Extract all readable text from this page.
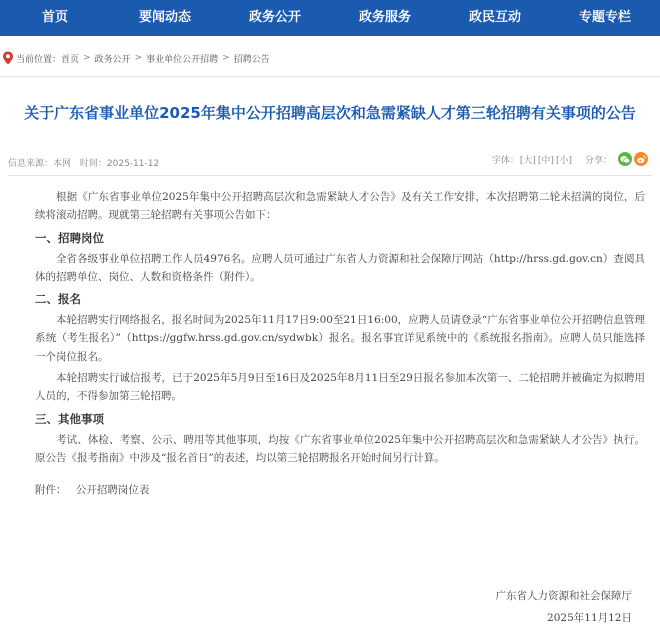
首页	要闻动态	政务公开	政务服务	政民互动	专题专栏
当前位置： 首页 > 政务公开 > 事业单位公开招聘 > 招聘公告
关于广东省事业单位2025年集中公开招聘高层次和急需紧缺人才第三轮招聘有关事项的公告
信息来源：本网 时间：2025-11-12	字体： [大] [中] [小] 分享：

根据《广东省事业单位2025年集中公开招聘高层次和急需紧缺人才公告》及有关工作安排，本次招聘第二轮未招满的岗位，后续将滚动招聘。现就第三轮招聘有关事项公告如下：

一、招聘岗位

全省各级事业单位招聘工作人员4976名。应聘人员可通过广东省人力资源和社会保障厅网站（http://hrss.gd.gov.cn）查阅具体的招聘单位、岗位、人数和资格条件（附件）。

二、报名

本轮招聘实行网络报名，报名时间为2025年11月17日9:00至21日16:00，应聘人员请登录“广东省事业单位公开招聘信息管理系统（考生报名）”（https://ggfw.hrss.gd.gov.cn/sydwbk）报名。报名事宜详见系统中的《系统报名指南》。应聘人员只能选择一个岗位报名。

本轮招聘实行诚信报考，已于2025年5月9日至16日及2025年8月11日至29日报名参加本次第一、二轮招聘并被确定为拟聘用人员的，不得参加第三轮招聘。

三、其他事项

考试、体检、考察、公示、聘用等其他事项，均按《广东省事业单位2025年集中公开招聘高层次和急需紧缺人才公告》执行。原公告《报考指南》中涉及“报名首日”的表述，均以第三轮招聘报名开始时间另行计算。

附件： 公开招聘岗位表

广东省人力资源和社会保障厅
2025年11月12日
